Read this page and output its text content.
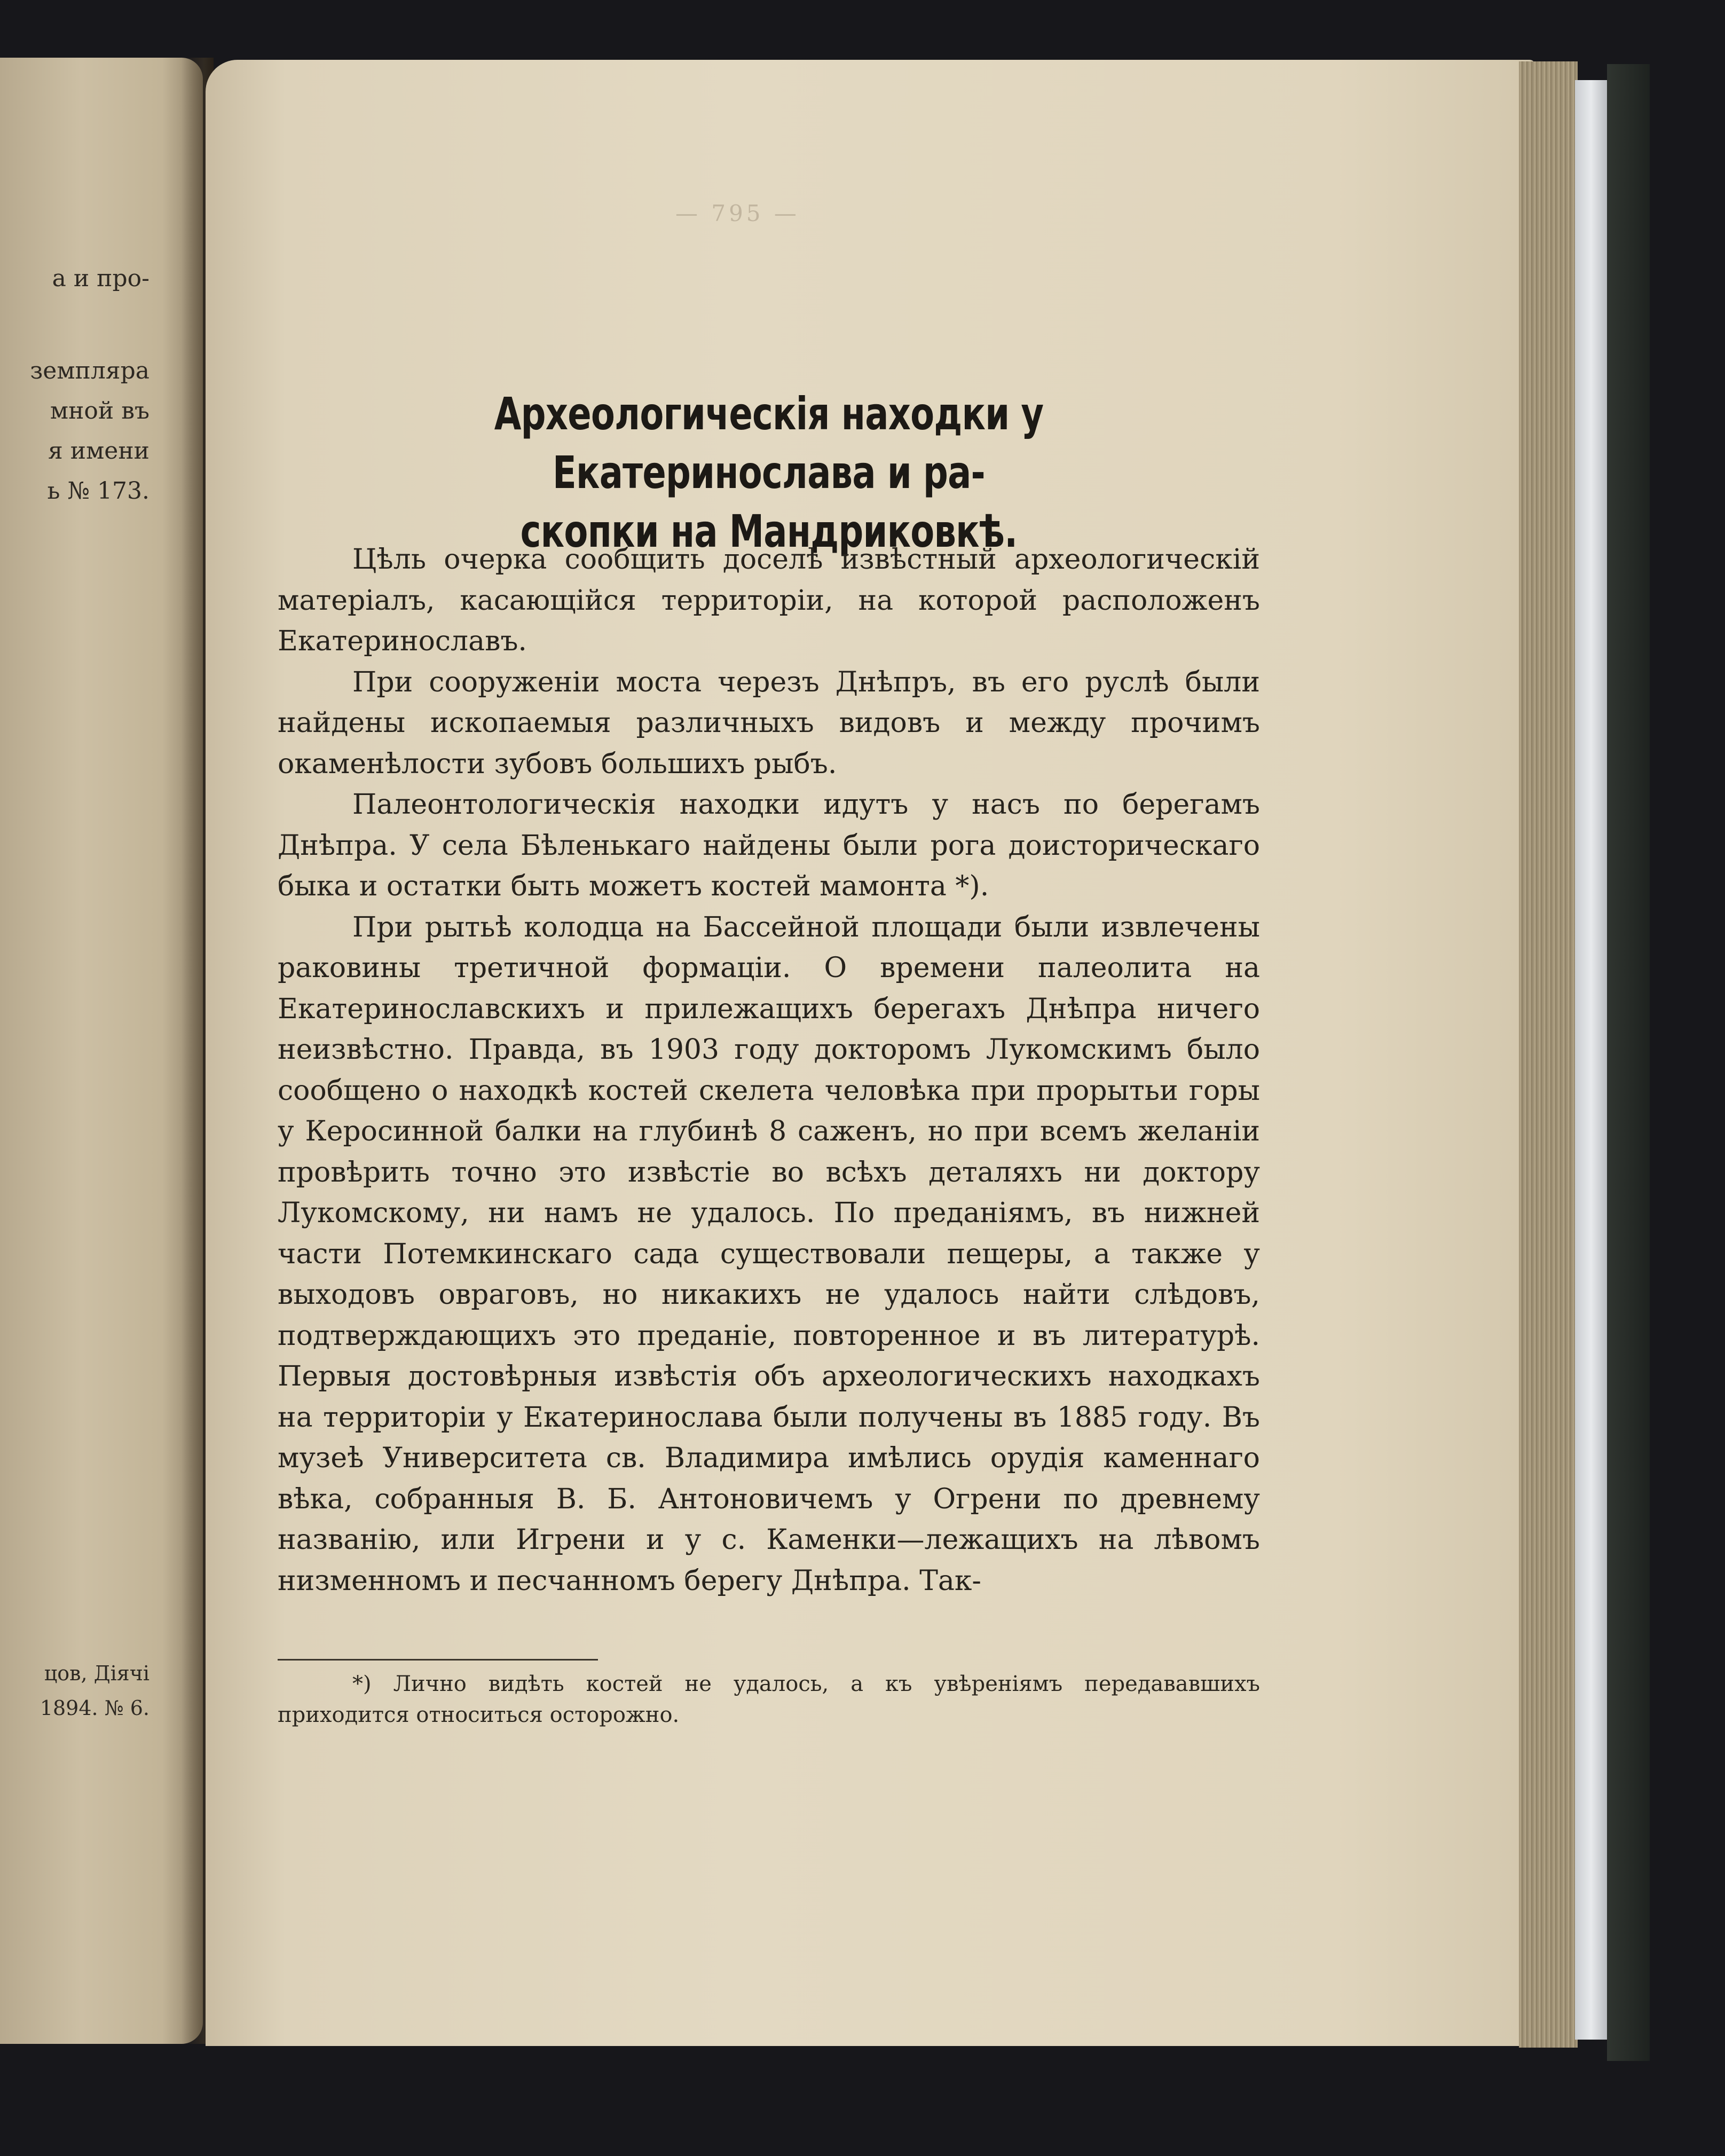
а и про-
земпляра
мной въ
я имени
ь № 173.
цов, Діячі
1894. № 6.
— 795 —
Археологическія находки у Екатеринослава и ра-
скопки на Мандриковкѣ.

Цѣль очерка сообщить доселѣ извѣстный археологическій матеріалъ, касающійся территоріи, на которой расположенъ Екатеринославъ.

При сооруженіи моста черезъ Днѣпръ, въ его руслѣ были найдены ископаемыя различныхъ видовъ и между прочимъ окаменѣлости зубовъ большихъ рыбъ.

Палеонтологическія находки идутъ у насъ по берегамъ Днѣпра. У села Бѣленькаго найдены были рога доисторическаго быка и остатки быть можетъ костей мамонта *).

При рытьѣ колодца на Бассейной площади были извлечены раковины третичной формаціи. О времени палеолита на Екатеринославскихъ и прилежащихъ берегахъ Днѣпра ничего неизвѣстно. Правда, въ 1903 году докторомъ Лукомскимъ было сообщено о находкѣ костей скелета человѣка при прорытьи горы у Керосинной балки на глубинѣ 8 саженъ, но при всемъ желаніи провѣрить точно это извѣстіе во всѣхъ деталяхъ ни доктору Лукомскому, ни намъ не удалось. По преданіямъ, въ нижней части Потемкинскаго сада существовали пещеры, а также у выходовъ овраговъ, но никакихъ не удалось найти слѣдовъ, подтверждающихъ это преданіе, повторенное и въ литературѣ. Первыя достовѣрныя извѣстія объ археологическихъ находкахъ на территоріи у Екатеринослава были получены въ 1885 году. Въ музеѣ Университета св. Владимира имѣлись орудія каменнаго вѣка, собранныя В. Б. Антоновичемъ у Огрени по древнему названію, или Игрени и у с. Каменки—лежащихъ на лѣвомъ низменномъ и песчанномъ берегу Днѣпра. Так-

*) Лично видѣть костей не удалось, а къ увѣреніямъ передававшихъ приходится относиться осторожно.
